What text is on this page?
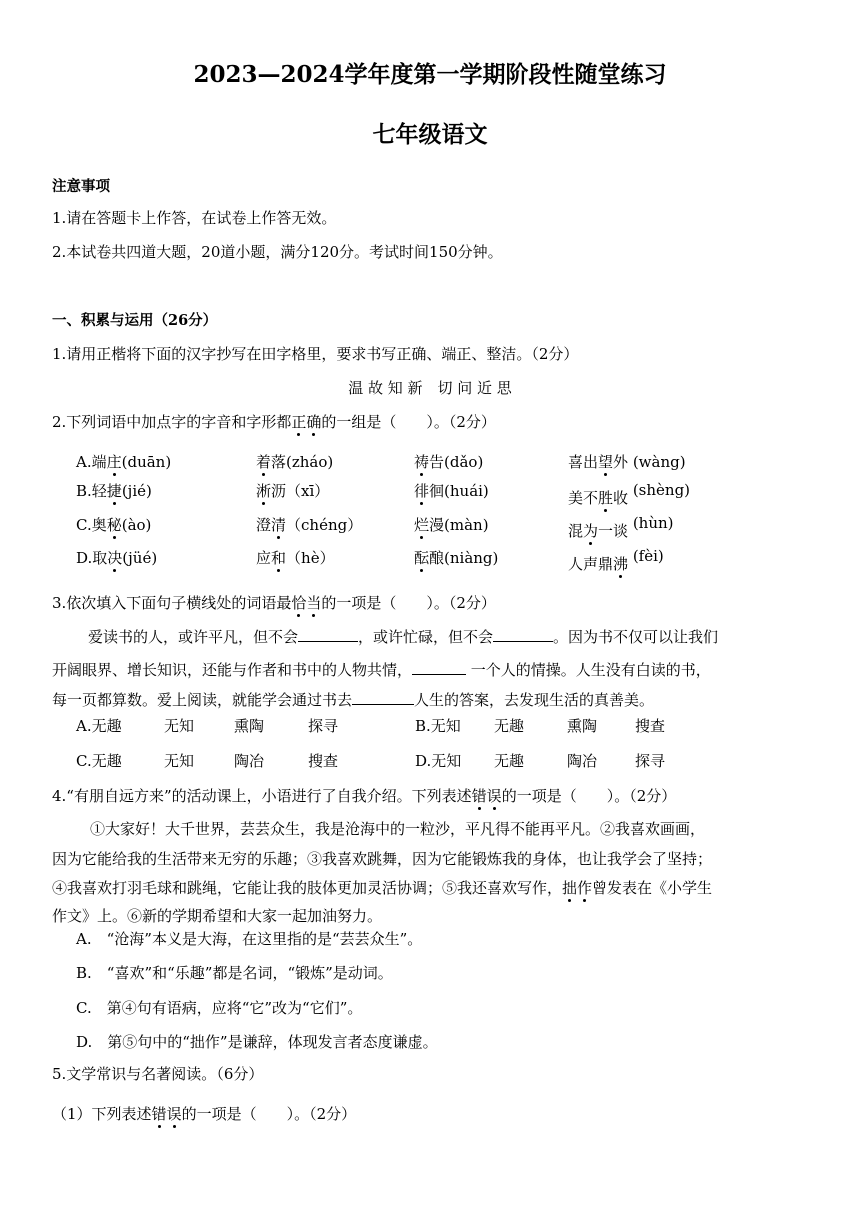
2023—2024学年度第一学期阶段性随堂练习
七年级语文
注意事项
1.请在答题卡上作答，在试卷上作答无效。
2.本试卷共四道大题，20道小题，满分120分。考试时间150分钟。
一、积累与运用（26分）
1.请用正楷将下面的汉字抄写在田字格里，要求书写正确、端正、整洁。（2分）
温 故 知 新　切 问 近 思
2.下列词语中加点字的字音和字形都正确的一组是（　　）。（2分）
A.端庄(duān)	着落(zháo)	祷告(dǎo)	喜出望外 (wàng)
B.轻捷(jié)	淅沥（xī）	徘徊(huái)	美不胜收 (shèng)
C.奥秘(ào)	澄清（chéng）	烂漫(màn)	混为一谈 (hùn)
D.取决(jüé)	应和（hè）	酝酿(niàng)	人声鼎沸 (fèi)
3.依次填入下面句子横线处的词语最恰当的一项是（　　）。（2分）
爱读书的人，或许平凡，但不会	，或许忙碌，但不会	。因为书不仅可以让我们
开阔眼界、增长知识，还能与作者和书中的人物共情，	一个人的情操。人生没有白读的书，
每一页都算数。爱上阅读，就能学会通过书去	人生的答案，去发现生活的真善美。
A.无趣	无知	熏陶	探寻	B.无知 无趣	熏陶	搜查
C.无趣	无知	陶冶	搜查	D.无知 无趣	陶冶	探寻
4.“有朋自远方来”的活动课上，小语进行了自我介绍。下列表述错误的一项是（　　）。（2分）
①大家好！大千世界，芸芸众生，我是沧海中的一粒沙，平凡得不能再平凡。②我喜欢画画，
因为它能给我的生活带来无穷的乐趣；③我喜欢跳舞，因为它能锻炼我的身体，也让我学会了坚持；
④我喜欢打羽毛球和跳绳，它能让我的肢体更加灵活协调；⑤我还喜欢写作，拙作曾发表在《小学生
作文》上。⑥新的学期希望和大家一起加油努力。
A.　“沧海”本义是大海，在这里指的是“芸芸众生”。
B.　“喜欢”和“乐趣”都是名词，“锻炼”是动词。
C.　第④句有语病，应将“它”改为“它们”。
D.　第⑤句中的“拙作”是谦辞，体现发言者态度谦虚。
5.文学常识与名著阅读。（6分）
（1）下列表述错误的一项是（　　）。（2分）
